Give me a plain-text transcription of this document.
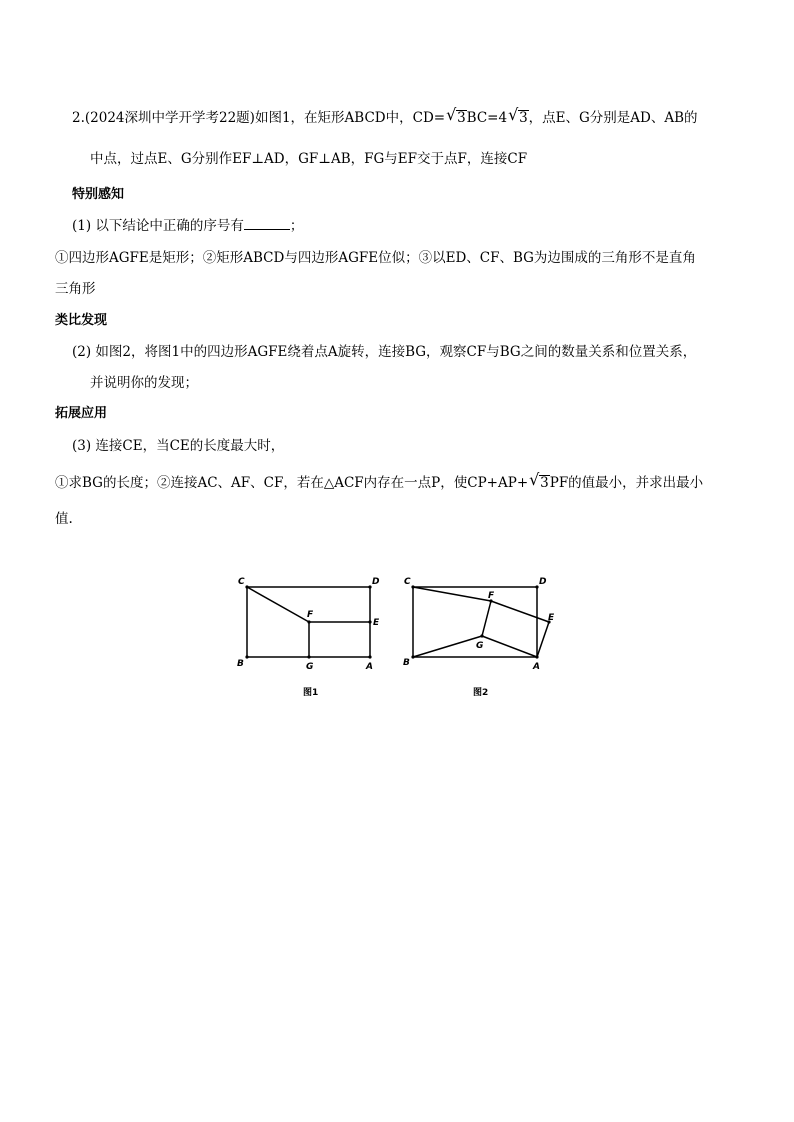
2.(2024深圳中学开学考22题)如图1，在矩形ABCD中，CD= √ 3BC=4 √ 3，点E、G分别是AD、AB的
中点，过点E、G分别作EF⊥AD，GF⊥AB，FG与EF交于点F，连接CF
特别感知
(1) 以下结论中正确的序号有	；
①四边形AGFE是矩形；②矩形ABCD与四边形AGFE位似；③以ED、CF、BG为边围成的三角形不是直角
三角形
类比发现
(2) 如图2，将图1中的四边形AGFE绕着点A旋转，连接BG，观察CF与BG之间的数量关系和位置关系，
并说明你的发现；
拓展应用
(3) 连接CE，当CE的长度最大时，
①求BG的长度；②连接AC、AF、CF，若在△ACF内存在一点P，使CP+AP+ √ 3PF的值最小，并求出最小
值.
C	D
F
E
B	G	A
图1
C	D
F
E
G
B	A
图2
